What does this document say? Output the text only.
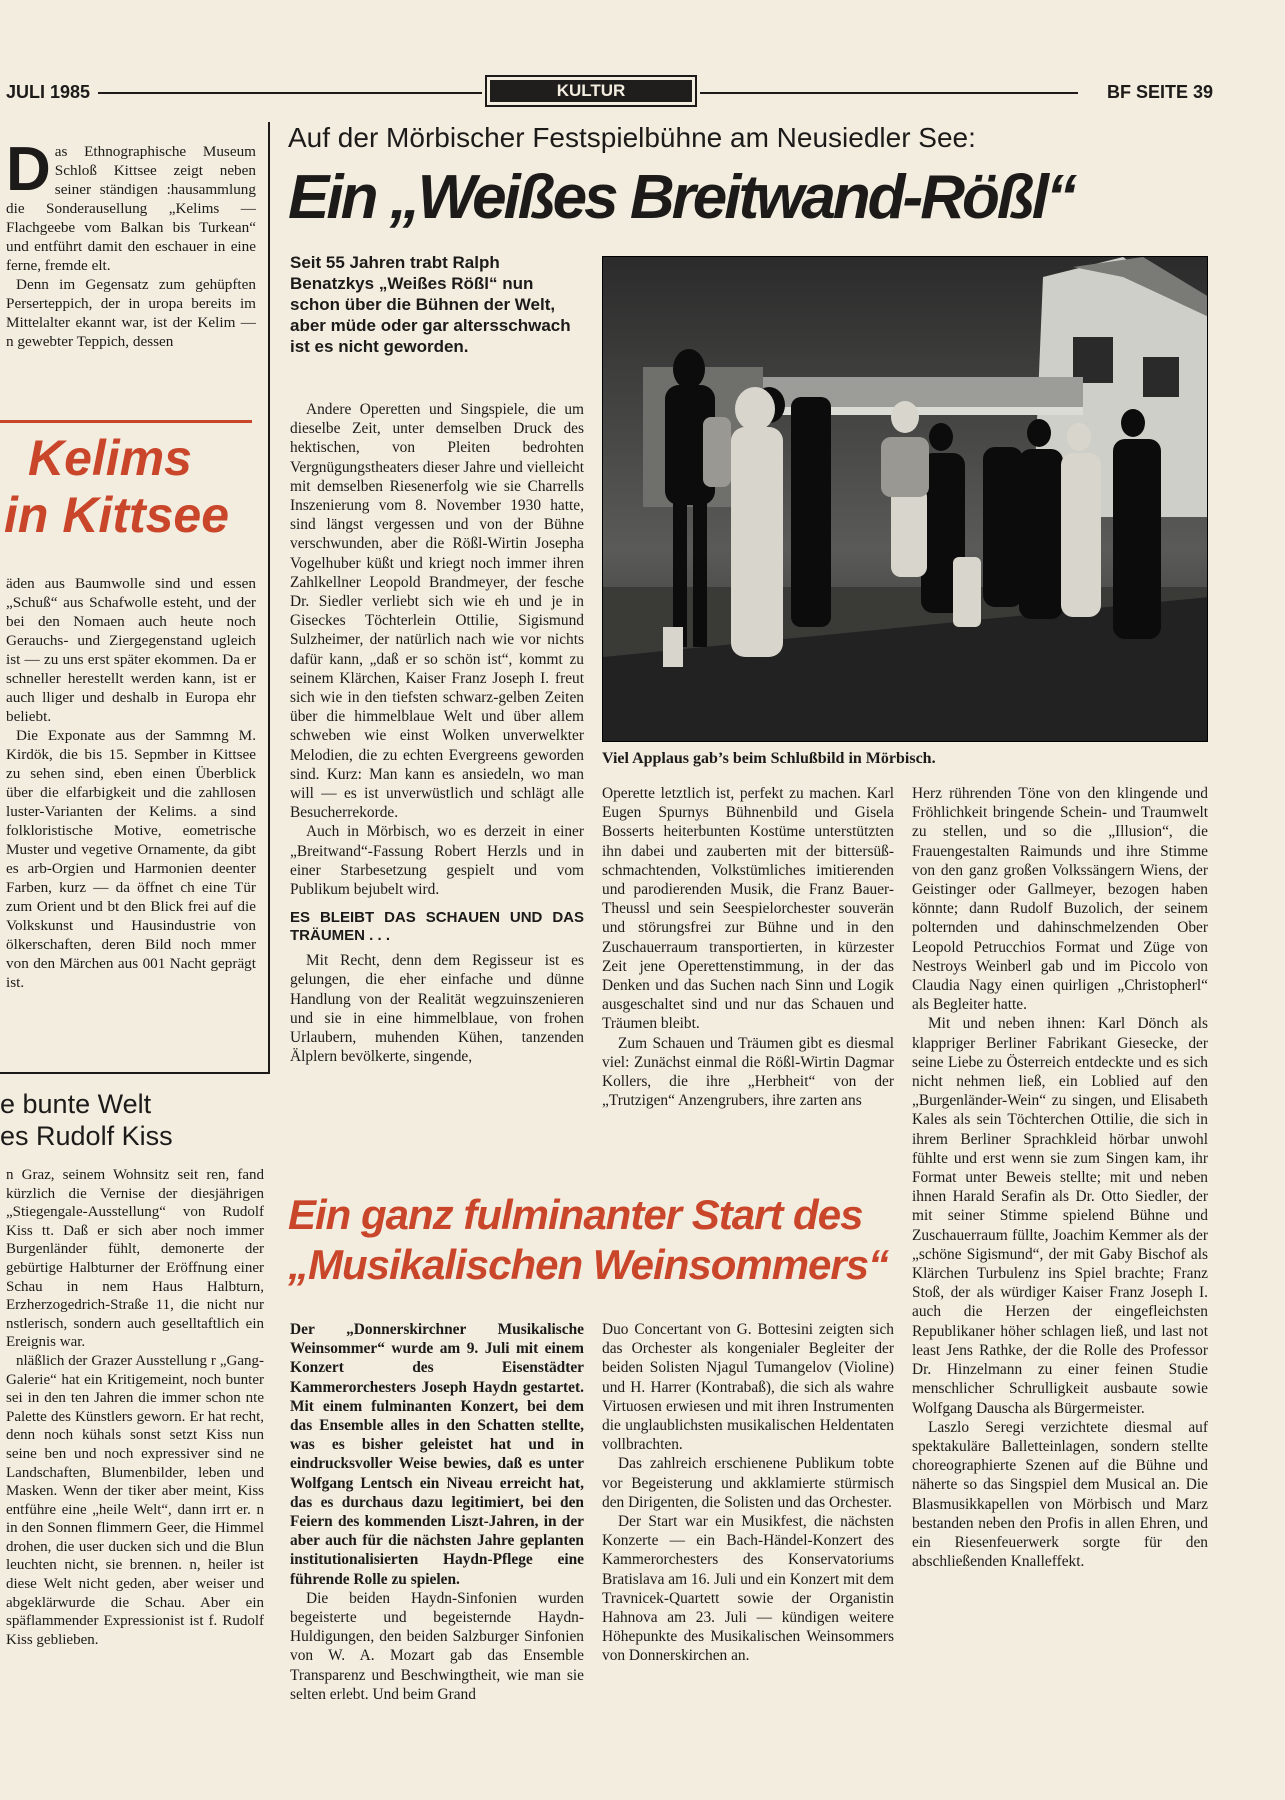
JULI 1985	KULTUR	BF SEITE 39
Das Ethnographische Museum Schloß Kittsee zeigt neben seiner ständigen :hausammlung die Sonderausellung „Kelims — Flachgeebe vom Balkan bis Turkean“ und entführt damit den eschauer in eine ferne, fremde elt.
Denn im Gegensatz zum gehüpften Perserteppich, der in uropa bereits im Mittelalter ekannt war, ist der Kelim — n gewebter Teppich, dessen
Kelims
in Kittsee
äden aus Baumwolle sind und essen „Schuß“ aus Schafwolle esteht, und der bei den Nomaen auch heute noch Gerauchs- und Ziergegenstand ugleich ist — zu uns erst später ekommen. Da er schneller herestellt werden kann, ist er auch lliger und deshalb in Europa ehr beliebt.
Die Exponate aus der Sammng M. Kirdök, die bis 15. Sepmber in Kittsee zu sehen sind, eben einen Überblick über die elfarbigkeit und die zahllosen luster-Varianten der Kelims. a sind folkloristische Motive, eometrische Muster und vegetive Ornamente, da gibt es arb-Orgien und Harmonien deenter Farben, kurz — da öffnet ch eine Tür zum Orient und bt den Blick frei auf die Volkskunst und Hausindustrie von ölkerschaften, deren Bild noch mmer von den Märchen aus 001 Nacht geprägt ist.
e bunte Welt
es Rudolf Kiss
n Graz, seinem Wohnsitz seit ren, fand kürzlich die Vernise der diesjährigen „Stiegengale-Ausstellung“ von Rudolf Kiss tt. Daß er sich aber noch immer Burgenländer fühlt, demonerte der gebürtige Halbturner der Eröffnung einer Schau in nem Haus Halbturn, Erzherzogedrich-Straße 11, die nicht nur nstlerisch, sondern auch geselltaftlich ein Ereignis war.
nläßlich der Grazer Ausstellung r „Gang-Galerie“ hat ein Kritigemeint, noch bunter sei in den ten Jahren die immer schon nte Palette des Künstlers geworn. Er hat recht, denn noch kühals sonst setzt Kiss nun seine ben und noch expressiver sind ne Landschaften, Blumenbilder, leben und Masken. Wenn der tiker aber meint, Kiss entführe eine „heile Welt“, dann irrt er. n in den Sonnen flimmern Geer, die Himmel drohen, die user ducken sich und die Blun leuchten nicht, sie brennen. n, heiler ist diese Welt nicht geden, aber weiser und abgeklärwurde die Schau. Aber ein späflammender Expressionist ist f. Rudolf Kiss geblieben.
Auf der Mörbischer Festspielbühne am Neusiedler See:
Ein „Weißes Breitwand-Rößl“
Seit 55 Jahren trabt Ralph Benatzkys „Weißes Rößl“ nun schon über die Bühnen der Welt, aber müde oder gar altersschwach ist es nicht geworden.

Andere Operetten und Singspiele, die um dieselbe Zeit, unter demselben Druck des hektischen, von Pleiten bedrohten Vergnügungstheaters dieser Jahre und vielleicht mit demselben Riesenerfolg wie sie Charrells Inszenierung vom 8. November 1930 hatte, sind längst vergessen und von der Bühne verschwunden, aber die Rößl-Wirtin Josepha Vogelhuber küßt und kriegt noch immer ihren Zahlkellner Leopold Brandmeyer, der fesche Dr. Siedler verliebt sich wie eh und je in Giseckes Töchterlein Ottilie, Sigismund Sulzheimer, der natürlich nach wie vor nichts dafür kann, „daß er so schön ist“, kommt zu seinem Klärchen, Kaiser Franz Joseph I. freut sich wie in den tiefsten schwarz-gelben Zeiten über die himmelblaue Welt und über allem schweben wie einst Wolken unverwelkter Melodien, die zu echten Evergreens geworden sind. Kurz: Man kann es ansiedeln, wo man will — es ist unverwüstlich und schlägt alle Besucherrekorde.

Auch in Mörbisch, wo es derzeit in einer „Breitwand“-Fassung Robert Herzls und in einer Starbesetzung gespielt und vom Publikum bejubelt wird.

ES BLEIBT DAS SCHAUEN UND DAS TRÄUMEN . . .

Mit Recht, denn dem Regisseur ist es gelungen, die eher einfache und dünne Handlung von der Realität wegzuinszenieren und sie in eine himmelblaue, von frohen Urlaubern, muhenden Kühen, tanzenden Älplern bevölkerte, singende,

Viel Applaus gab’s beim Schlußbild in Mörbisch.

Operette letztlich ist, perfekt zu machen. Karl Eugen Spurnys Bühnenbild und Gisela Bosserts heiterbunten Kostüme unterstützten ihn dabei und zauberten mit der bittersüß-schmachtenden, Volkstümliches imitierenden und parodierenden Musik, die Franz Bauer-Theussl und sein Seespielorchester souverän und störungsfrei zur Bühne und in den Zuschauerraum transportierten, in kürzester Zeit jene Operettenstimmung, in der das Denken und das Suchen nach Sinn und Logik ausgeschaltet sind und nur das Schauen und Träumen bleibt.

Zum Schauen und Träumen gibt es diesmal viel: Zunächst einmal die Rößl-Wirtin Dagmar Kollers, die ihre „Herbheit“ von der „Trutzigen“ Anzengrubers, ihre zarten ans

Herz rührenden Töne von den klingende und Fröhlichkeit bringende Schein- und Traumwelt zu stellen, und so die „Illusion“, die Frauengestalten Raimunds und ihre Stimme von den ganz großen Volkssängern Wiens, der Geistinger oder Gallmeyer, bezogen haben könnte; dann Rudolf Buzolich, der seinem polternden und dahinschmelzenden Ober Leopold Petrucchios Format und Züge von Nestroys Weinberl gab und im Piccolo von Claudia Nagy einen quirligen „Christopherl“ als Begleiter hatte.

Mit und neben ihnen: Karl Dönch als klappriger Berliner Fabrikant Giesecke, der seine Liebe zu Österreich entdeckte und es sich nicht nehmen ließ, ein Loblied auf den „Burgenländer-Wein“ zu singen, und Elisabeth Kales als sein Töchterchen Ottilie, die sich in ihrem Berliner Sprachkleid hörbar unwohl fühlte und erst wenn sie zum Singen kam, ihr Format unter Beweis stellte; mit und neben ihnen Harald Serafin als Dr. Otto Siedler, der mit seiner Stimme spielend Bühne und Zuschauerraum füllte, Joachim Kemmer als der „schöne Sigismund“, der mit Gaby Bischof als Klärchen Turbulenz ins Spiel brachte; Franz Stoß, der als würdiger Kaiser Franz Joseph I. auch die Herzen der eingefleichsten Republikaner höher schlagen ließ, und last not least Jens Rathke, der die Rolle des Professor Dr. Hinzelmann zu einer feinen Studie menschlicher Schrulligkeit ausbaute sowie Wolfgang Dauscha als Bürgermeister.

Laszlo Seregi verzichtete diesmal auf spektakuläre Balletteinlagen, sondern stellte choreographierte Szenen auf die Bühne und näherte so das Singspiel dem Musical an. Die Blasmusikkapellen von Mörbisch und Marz bestanden neben den Profis in allen Ehren, und ein Riesenfeuerwerk sorgte für den abschließenden Knalleffekt.

Ein ganz fulminanter Start des
„Musikalischen Weinsommers“

Der „Donnerskirchner Musikalische Weinsommer“ wurde am 9. Juli mit einem Konzert des Eisenstädter Kammerorchesters Joseph Haydn gestartet. Mit einem fulminanten Konzert, bei dem das Ensemble alles in den Schatten stellte, was es bisher geleistet hat und in eindrucksvoller Weise bewies, daß es unter Wolfgang Lentsch ein Niveau erreicht hat, das es durchaus dazu legitimiert, bei den Feiern des kommenden Liszt-Jahren, in der aber auch für die nächsten Jahre geplanten institutionalisierten Haydn-Pflege eine führende Rolle zu spielen.

Die beiden Haydn-Sinfonien wurden begeisterte und begeisternde Haydn-Huldigungen, den beiden Salzburger Sinfonien von W. A. Mozart gab das Ensemble Transparenz und Beschwingtheit, wie man sie selten erlebt. Und beim Grand

Duo Concertant von G. Bottesini zeigten sich das Orchester als kongenialer Begleiter der beiden Solisten Njagul Tumangelov (Violine) und H. Harrer (Kontrabaß), die sich als wahre Virtuosen erwiesen und mit ihren Instrumenten die unglaublichsten musikalischen Heldentaten vollbrachten.

Das zahlreich erschienene Publikum tobte vor Begeisterung und akklamierte stürmisch den Dirigenten, die Solisten und das Orchester.

Der Start war ein Musikfest, die nächsten Konzerte — ein Bach-Händel-Konzert des Kammerorchesters des Konservatoriums Bratislava am 16. Juli und ein Konzert mit dem Travnicek-Quartett sowie der Organistin Hahnova am 23. Juli — kündigen weitere Höhepunkte des Musikalischen Weinsommers von Donnerskirchen an.
